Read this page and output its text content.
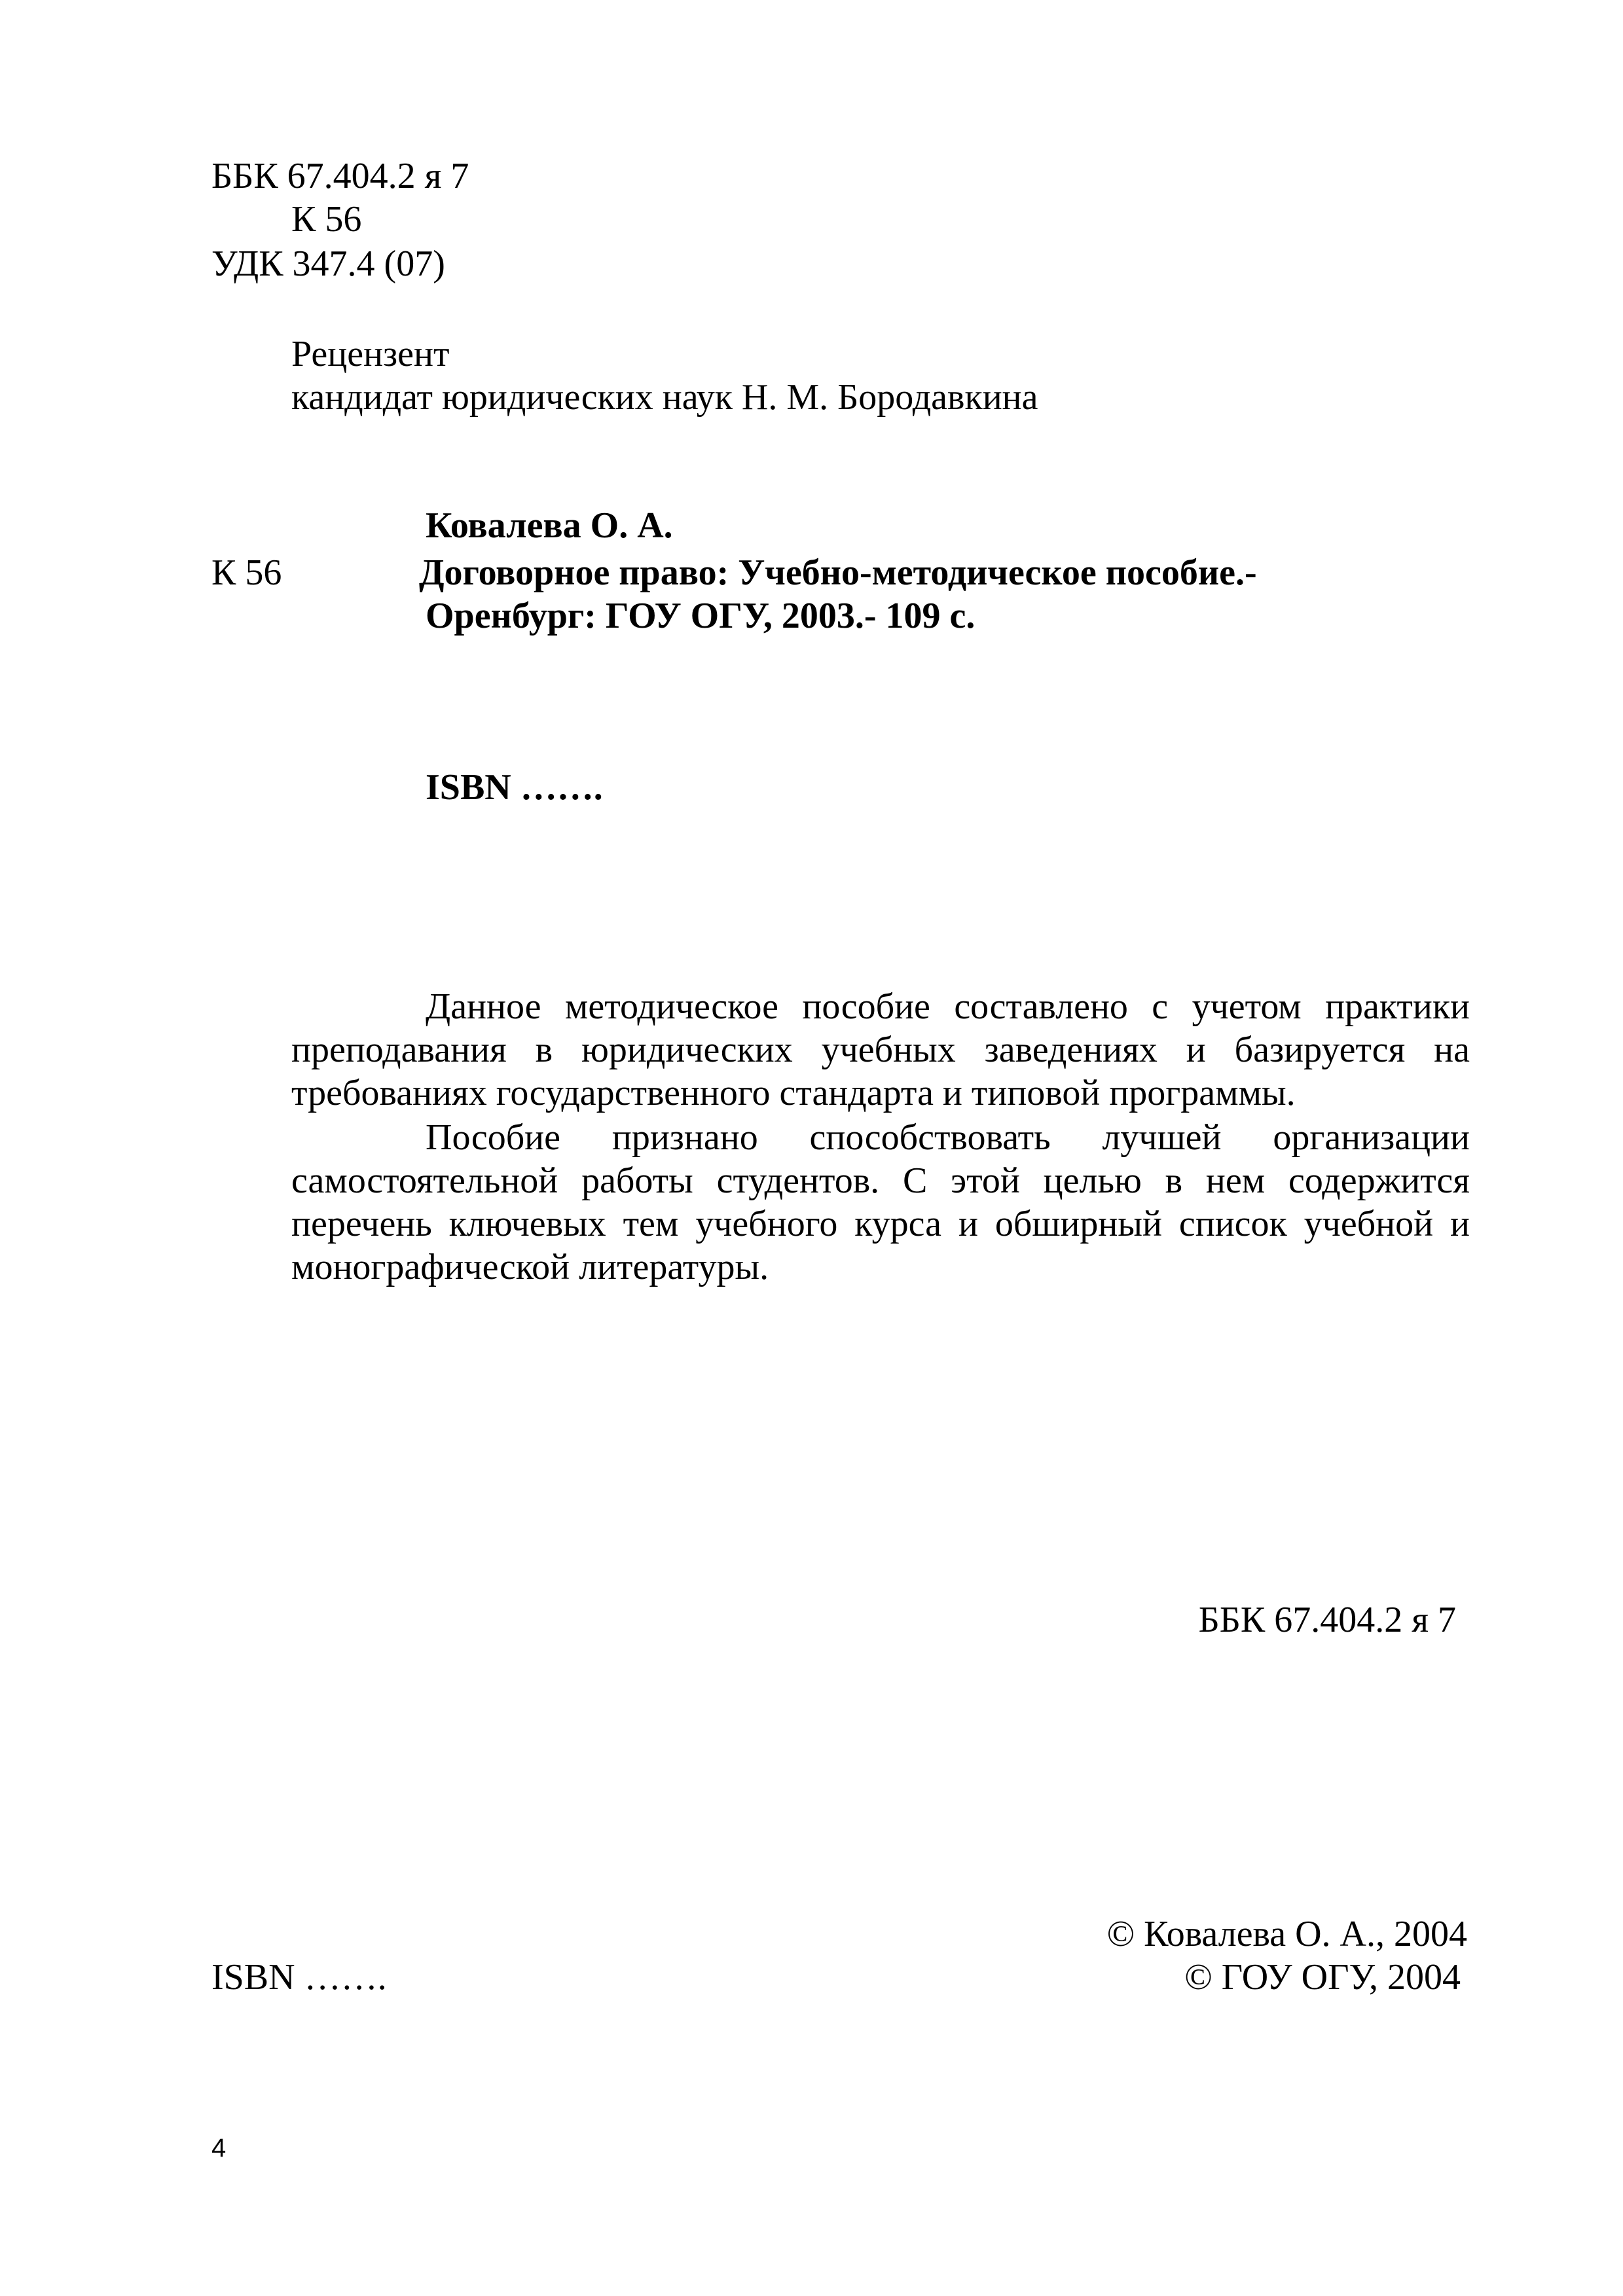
ББК 67.404.2 я 7
К 56
УДК 347.4 (07)
Рецензент
кандидат юридических наук Н. М. Бородавкина
Ковалева О. А.
К 56	Договорное право: Учебно-методическое пособие.-
Оренбург: ГОУ ОГУ, 2003.- 109 с.
ISBN …….

Данное методическое пособие составлено с учетом практики преподавания в юридических учебных заведениях и базируется на требованиях государственного стандарта и типовой программы.

Пособие признано способствовать лучшей организации самостоятельной работы студентов. С этой целью в нем содержится перечень ключевых тем учебного курса и обширный список учебной и монографической литературы.

ББК 67.404.2 я 7
© Ковалева О. А., 2004
ISBN …….	© ГОУ ОГУ, 2004
4
